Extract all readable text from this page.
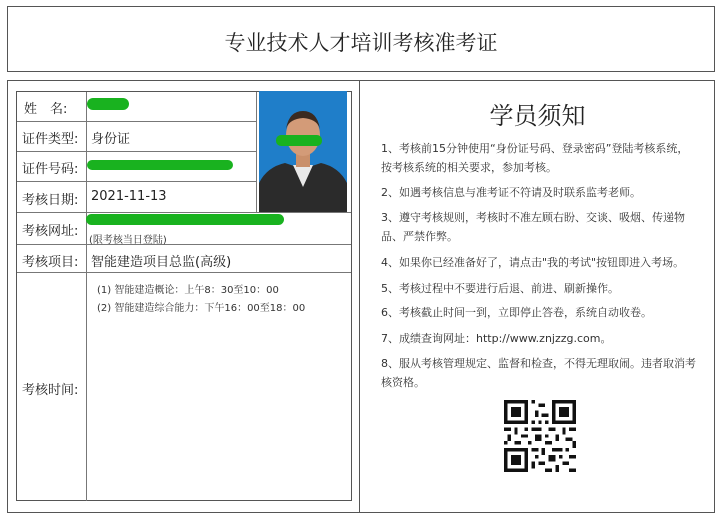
专业技术人才培训考核准考证
姓　名:
证件类型: 身份证
证件号码:
考核日期: 2021-11-13
考核网址:
(限考核当日登陆)
考核项目: 智能建造项目总监(高级)
考核时间:
(1) 智能建造概论：上午8：30至10：00
(2) 智能建造综合能力：下午16：00至18：00
学员须知
1、考核前15分钟使用“身份证号码、登录密码”登陆考核系统，按考核系统的相关要求，参加考核。
2、如遇考核信息与准考证不符请及时联系监考老师。
3、遵守考核规则，考核时不准左顾右盼、交谈、吸烟、传递物品、严禁作弊。
4、如果你已经准备好了，请点击"我的考试"按钮即进入考场。
5、考核过程中不要进行后退、前进、刷新操作。
6、考核截止时间一到，立即停止答卷，系统自动收卷。
7、成绩查询网址：http://www.znjzzg.com。
8、服从考核管理规定、监督和检查，不得无理取闹。违者取消考核资格。
